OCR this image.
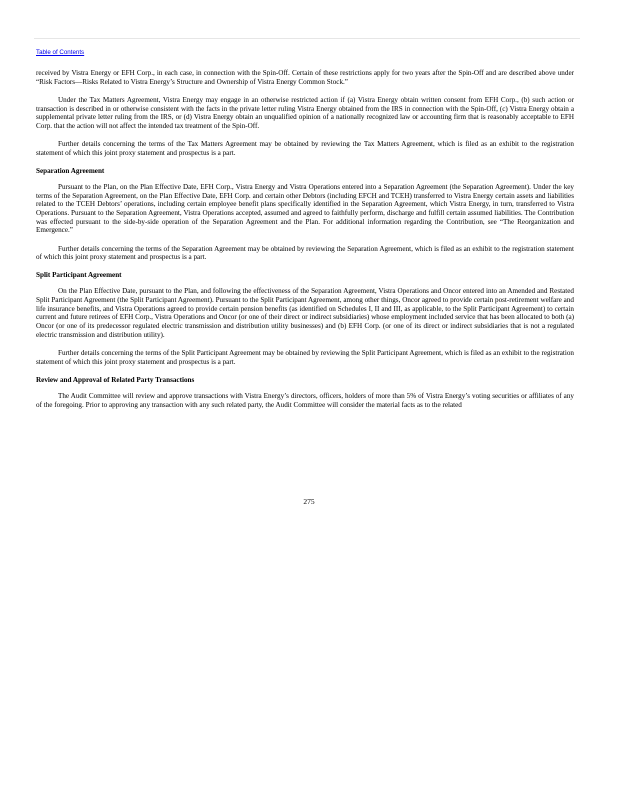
Table of Contents

received by Vistra Energy or EFH Corp., in each case, in connection with the Spin-Off. Certain of these restrictions apply for two years after the Spin-Off and are described above under “Risk Factors—Risks Related to Vistra Energy’s Structure and Ownership of Vistra Energy Common Stock.”

Under the Tax Matters Agreement, Vistra Energy may engage in an otherwise restricted action if (a) Vistra Energy obtain written consent from EFH Corp., (b) such action or transaction is described in or otherwise consistent with the facts in the private letter ruling Vistra Energy obtained from the IRS in connection with the Spin-Off, (c) Vistra Energy obtain a supplemental private letter ruling from the IRS, or (d) Vistra Energy obtain an unqualified opinion of a nationally recognized law or accounting firm that is reasonably acceptable to EFH Corp. that the action will not affect the intended tax treatment of the Spin-Off.

Further details concerning the terms of the Tax Matters Agreement may be obtained by reviewing the Tax Matters Agreement, which is filed as an exhibit to the registration statement of which this joint proxy statement and prospectus is a part.

Separation Agreement

Pursuant to the Plan, on the Plan Effective Date, EFH Corp., Vistra Energy and Vistra Operations entered into a Separation Agreement (the Separation Agreement). Under the key terms of the Separation Agreement, on the Plan Effective Date, EFH Corp. and certain other Debtors (including EFCH and TCEH) transferred to Vistra Energy certain assets and liabilities related to the TCEH Debtors’ operations, including certain employee benefit plans specifically identified in the Separation Agreement, which Vistra Energy, in turn, transferred to Vistra Operations. Pursuant to the Separation Agreement, Vistra Operations accepted, assumed and agreed to faithfully perform, discharge and fulfill certain assumed liabilities. The Contribution was effected pursuant to the side-by-side operation of the Separation Agreement and the Plan. For additional information regarding the Contribution, see “The Reorganization and Emergence.”

Further details concerning the terms of the Separation Agreement may be obtained by reviewing the Separation Agreement, which is filed as an exhibit to the registration statement of which this joint proxy statement and prospectus is a part.

Split Participant Agreement

On the Plan Effective Date, pursuant to the Plan, and following the effectiveness of the Separation Agreement, Vistra Operations and Oncor entered into an Amended and Restated Split Participant Agreement (the Split Participant Agreement). Pursuant to the Split Participant Agreement, among other things, Oncor agreed to provide certain post-retirement welfare and life insurance benefits, and Vistra Operations agreed to provide certain pension benefits (as identified on Schedules I, II and III, as applicable, to the Split Participant Agreement) to certain current and future retirees of EFH Corp., Vistra Operations and Oncor (or one of their direct or indirect subsidiaries) whose employment included service that has been allocated to both (a) Oncor (or one of its predecessor regulated electric transmission and distribution utility businesses) and (b) EFH Corp. (or one of its direct or indirect subsidiaries that is not a regulated electric transmission and distribution utility).

Further details concerning the terms of the Split Participant Agreement may be obtained by reviewing the Split Participant Agreement, which is filed as an exhibit to the registration statement of which this joint proxy statement and prospectus is a part.

Review and Approval of Related Party Transactions

The Audit Committee will review and approve transactions with Vistra Energy’s directors, officers, holders of more than 5% of Vistra Energy’s voting securities or affiliates of any of the foregoing. Prior to approving any transaction with any such related party, the Audit Committee will consider the material facts as to the related

275
